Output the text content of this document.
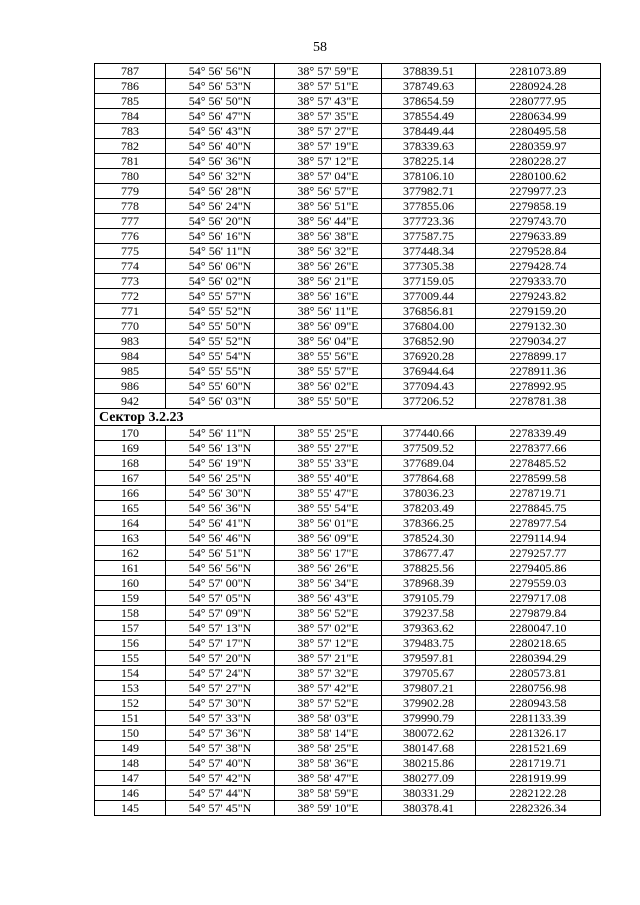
58
787	54° 56' 56"N	38° 57' 59"E	378839.51	2281073.89
786	54° 56' 53"N	38° 57' 51"E	378749.63	2280924.28
785	54° 56' 50"N	38° 57' 43"E	378654.59	2280777.95
784	54° 56' 47"N	38° 57' 35"E	378554.49	2280634.99
783	54° 56' 43"N	38° 57' 27"E	378449.44	2280495.58
782	54° 56' 40"N	38° 57' 19"E	378339.63	2280359.97
781	54° 56' 36"N	38° 57' 12"E	378225.14	2280228.27
780	54° 56' 32"N	38° 57' 04"E	378106.10	2280100.62
779	54° 56' 28"N	38° 56' 57"E	377982.71	2279977.23
778	54° 56' 24"N	38° 56' 51"E	377855.06	2279858.19
777	54° 56' 20"N	38° 56' 44"E	377723.36	2279743.70
776	54° 56' 16"N	38° 56' 38"E	377587.75	2279633.89
775	54° 56' 11"N	38° 56' 32"E	377448.34	2279528.84
774	54° 56' 06"N	38° 56' 26"E	377305.38	2279428.74
773	54° 56' 02"N	38° 56' 21"E	377159.05	2279333.70
772	54° 55' 57"N	38° 56' 16"E	377009.44	2279243.82
771	54° 55' 52"N	38° 56' 11"E	376856.81	2279159.20
770	54° 55' 50"N	38° 56' 09"E	376804.00	2279132.30
983	54° 55' 52"N	38° 56' 04"E	376852.90	2279034.27
984	54° 55' 54"N	38° 55' 56"E	376920.28	2278899.17
985	54° 55' 55"N	38° 55' 57"E	376944.64	2278911.36
986	54° 55' 60"N	38° 56' 02"E	377094.43	2278992.95
942	54° 56' 03"N	38° 55' 50"E	377206.52	2278781.38
Сектор 3.2.23				
170	54° 56' 11"N	38° 55' 25"E	377440.66	2278339.49
169	54° 56' 13"N	38° 55' 27"E	377509.52	2278377.66
168	54° 56' 19"N	38° 55' 33"E	377689.04	2278485.52
167	54° 56' 25"N	38° 55' 40"E	377864.68	2278599.58
166	54° 56' 30"N	38° 55' 47"E	378036.23	2278719.71
165	54° 56' 36"N	38° 55' 54"E	378203.49	2278845.75
164	54° 56' 41"N	38° 56' 01"E	378366.25	2278977.54
163	54° 56' 46"N	38° 56' 09"E	378524.30	2279114.94
162	54° 56' 51"N	38° 56' 17"E	378677.47	2279257.77
161	54° 56' 56"N	38° 56' 26"E	378825.56	2279405.86
160	54° 57' 00"N	38° 56' 34"E	378968.39	2279559.03
159	54° 57' 05"N	38° 56' 43"E	379105.79	2279717.08
158	54° 57' 09"N	38° 56' 52"E	379237.58	2279879.84
157	54° 57' 13"N	38° 57' 02"E	379363.62	2280047.10
156	54° 57' 17"N	38° 57' 12"E	379483.75	2280218.65
155	54° 57' 20"N	38° 57' 21"E	379597.81	2280394.29
154	54° 57' 24"N	38° 57' 32"E	379705.67	2280573.81
153	54° 57' 27"N	38° 57' 42"E	379807.21	2280756.98
152	54° 57' 30"N	38° 57' 52"E	379902.28	2280943.58
151	54° 57' 33"N	38° 58' 03"E	379990.79	2281133.39
150	54° 57' 36"N	38° 58' 14"E	380072.62	2281326.17
149	54° 57' 38"N	38° 58' 25"E	380147.68	2281521.69
148	54° 57' 40"N	38° 58' 36"E	380215.86	2281719.71
147	54° 57' 42"N	38° 58' 47"E	380277.09	2281919.99
146	54° 57' 44"N	38° 58' 59"E	380331.29	2282122.28
145	54° 57' 45"N	38° 59' 10"E	380378.41	2282326.34
